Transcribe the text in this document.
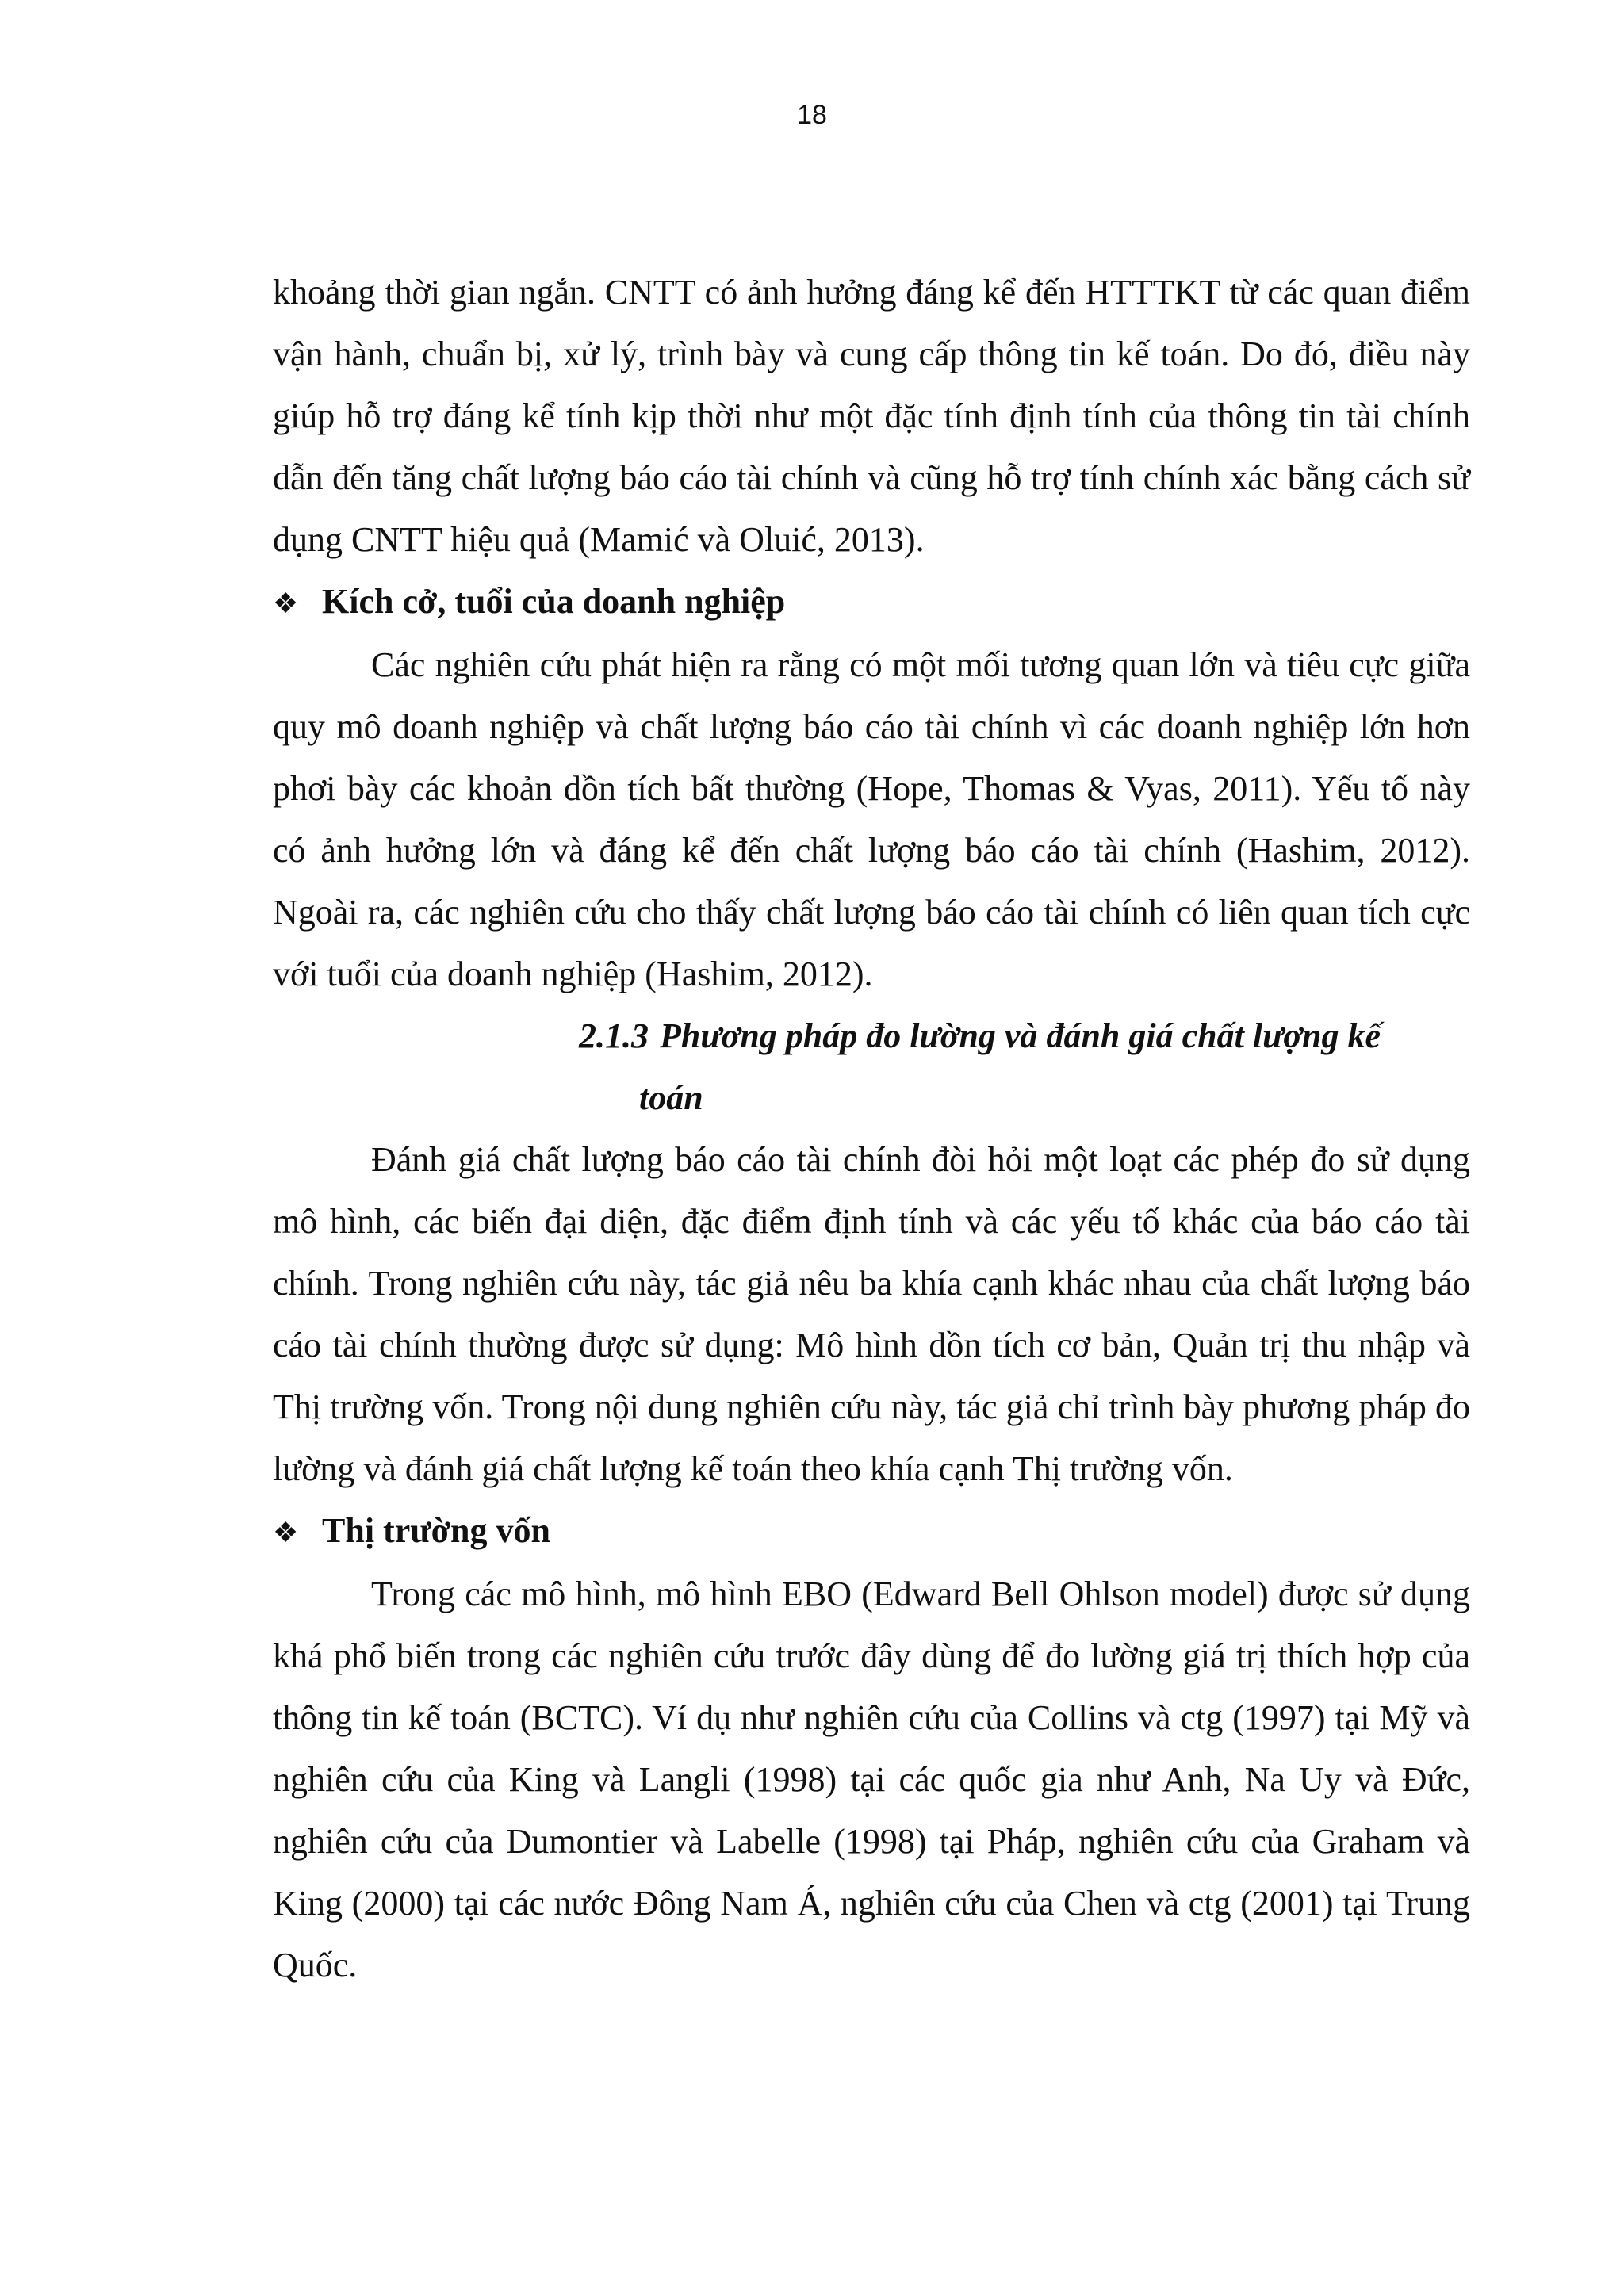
18

khoảng thời gian ngắn. CNTT có ảnh hưởng đáng kể đến HTTTKT từ các quan điểm vận hành, chuẩn bị, xử lý, trình bày và cung cấp thông tin kế toán. Do đó, điều này giúp hỗ trợ đáng kể tính kịp thời như một đặc tính định tính của thông tin tài chính dẫn đến tăng chất lượng báo cáo tài chính và cũng hỗ trợ tính chính xác bằng cách sử dụng CNTT hiệu quả (Mamić và Oluić, 2013).

❖ Kích cở, tuổi của doanh nghiệp

Các nghiên cứu phát hiện ra rằng có một mối tương quan lớn và tiêu cực giữa quy mô doanh nghiệp và chất lượng báo cáo tài chính vì các doanh nghiệp lớn hơn phơi bày các khoản dồn tích bất thường (Hope, Thomas & Vyas, 2011). Yếu tố này có ảnh hưởng lớn và đáng kể đến chất lượng báo cáo tài chính (Hashim, 2012). Ngoài ra, các nghiên cứu cho thấy chất lượng báo cáo tài chính có liên quan tích cực với tuổi của doanh nghiệp (Hashim, 2012).

2.1.3 Phương pháp đo lường và đánh giá chất lượng kế
toán

Đánh giá chất lượng báo cáo tài chính đòi hỏi một loạt các phép đo sử dụng mô hình, các biến đại diện, đặc điểm định tính và các yếu tố khác của báo cáo tài chính. Trong nghiên cứu này, tác giả nêu ba khía cạnh khác nhau của chất lượng báo cáo tài chính thường được sử dụng: Mô hình dồn tích cơ bản, Quản trị thu nhập và Thị trường vốn. Trong nội dung nghiên cứu này, tác giả chỉ trình bày phương pháp đo lường và đánh giá chất lượng kế toán theo khía cạnh Thị trường vốn.

❖ Thị trường vốn

Trong các mô hình, mô hình EBO (Edward Bell Ohlson model) được sử dụng khá phổ biến trong các nghiên cứu trước đây dùng để đo lường giá trị thích hợp của thông tin kế toán (BCTC). Ví dụ như nghiên cứu của Collins và ctg (1997) tại Mỹ và nghiên cứu của King và Langli (1998) tại các quốc gia như Anh, Na Uy và Đức, nghiên cứu của Dumontier và Labelle (1998) tại Pháp, nghiên cứu của Graham và King (2000) tại các nước Đông Nam Á, nghiên cứu của Chen và ctg (2001) tại Trung Quốc.
